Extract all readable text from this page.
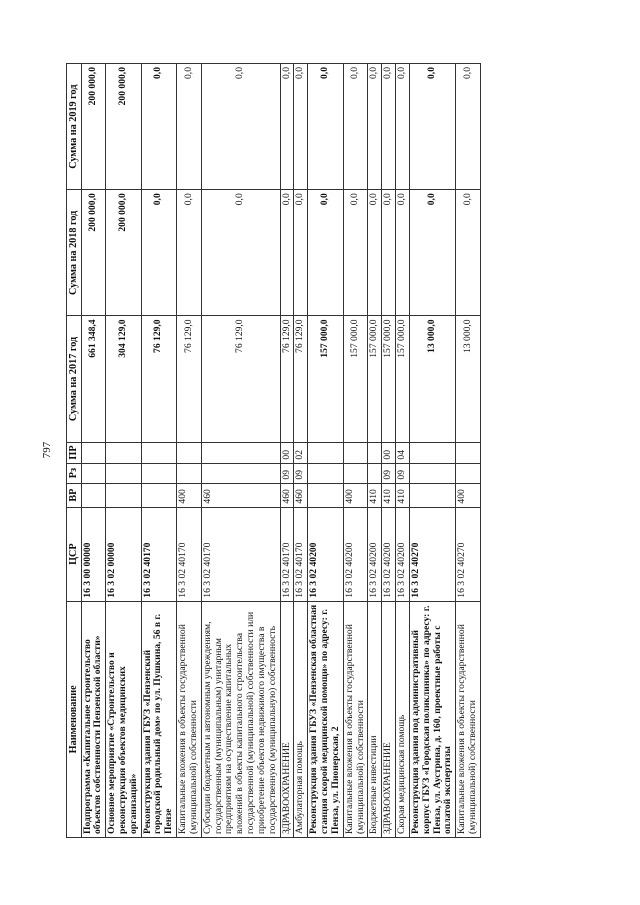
797
Наименование	ЦСР	ВР	Рз	ПР	Сумма на 2017 год	Сумма на 2018 год	Сумма на 2019 год
Подпрограмма «Капитальное строительство объектов собственности Пензенской области»	16 3 00 00000				661 348,4	200 000,0	200 000,0
Основное мероприятие «Строительство и реконструкция объектов медицинских организаций»	16 3 02 00000				304 129,0	200 000,0	200 000,0
Реконструкция здания ГБУЗ «Пензенский городской родильный дом» по ул. Пушкина, 56 в г. Пензе	16 3 02 40170				76 129,0	0,0	0,0
Капитальные вложения в объекты государственной (муниципальной) собственности	16 3 02 40170	400			76 129,0	0,0	0,0
Субсидии бюджетным и автономным учреждениям, государственным (муниципальным) унитарным предприятиям на осуществление капитальных вложений в объекты капитального строительства государственной (муниципальной) собственности или приобретение объектов недвижимого имущества в государственную (муниципальную) собственность	16 3 02 40170	460			76 129,0	0,0	0,0
ЗДРАВООХРАНЕНИЕ	16 3 02 40170	460	09	00	76 129,0	0,0	0,0
Амбулаторная помощь	16 3 02 40170	460	09	02	76 129,0	0,0	0,0
Реконструкция здания ГБУЗ «Пензенская областная станция скорой медицинской помощи» по адресу: г. Пенза, ул. Пионерская, 2	16 3 02 40200				157 000,0	0,0	0,0
Капитальные вложения в объекты государственной (муниципальной) собственности	16 3 02 40200	400			157 000,0	0,0	0,0
Бюджетные инвестиции	16 3 02 40200	410			157 000,0	0,0	0,0
ЗДРАВООХРАНЕНИЕ	16 3 02 40200	410	09	00	157 000,0	0,0	0,0
Скорая медицинская помощь	16 3 02 40200	410	09	04	157 000,0	0,0	0,0
Реконструкция здания под административный корпус ГБУЗ «Городская поликлиника» по адресу: г. Пенза, ул. Аустрина, д. 160, проектные работы с оплатой экспертизы	16 3 02 40270				13 000,0	0,0	0,0
Капитальные вложения в объекты государственной (муниципальной) собственности	16 3 02 40270	400			13 000,0	0,0	0,0
